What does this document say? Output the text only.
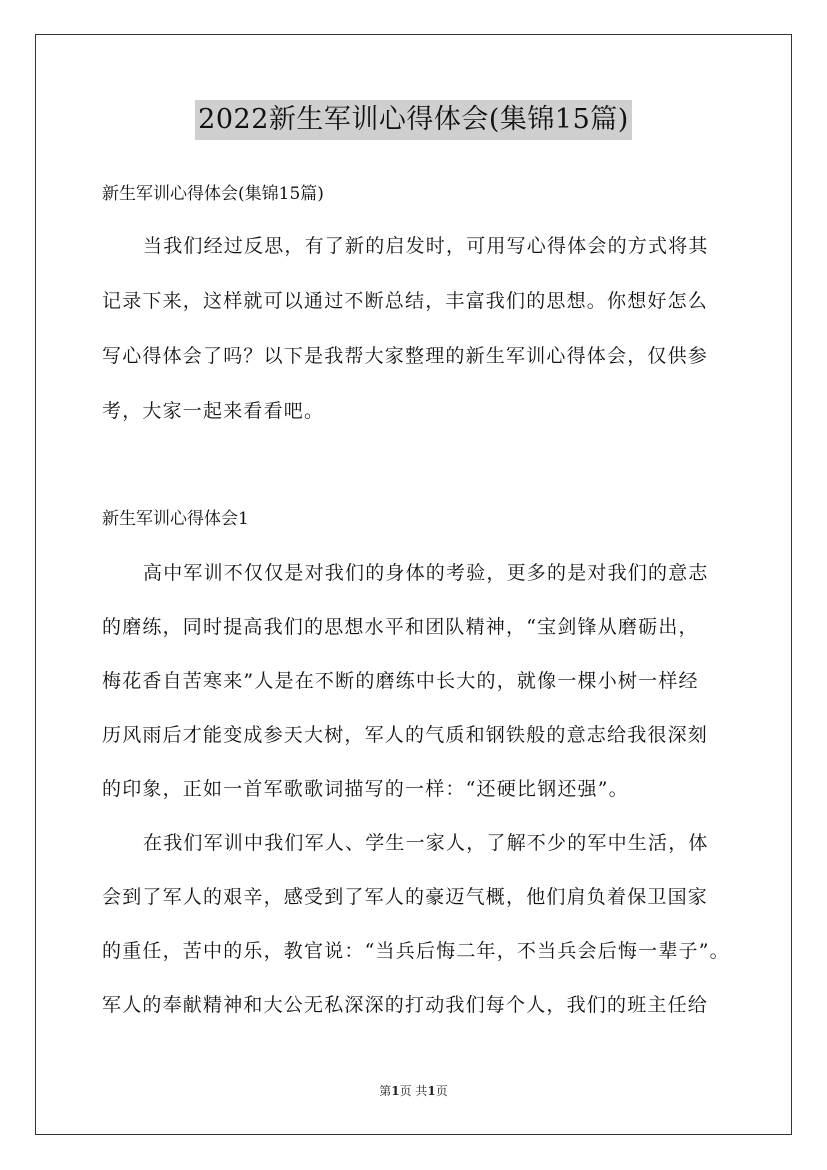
2022新生军训心得体会(集锦15篇)
新生军训心得体会(集锦15篇)
当我们经过反思，有了新的启发时，可用写心得体会的方式将其
记录下来，这样就可以通过不断总结，丰富我们的思想。你想好怎么
写心得体会了吗？以下是我帮大家整理的新生军训心得体会，仅供参
考，大家一起来看看吧。
新生军训心得体会1
高中军训不仅仅是对我们的身体的考验，更多的是对我们的意志
的磨练，同时提高我们的思想水平和团队精神，“宝剑锋从磨砺出，
梅花香自苦寒来”人是在不断的磨练中长大的，就像一棵小树一样经
历风雨后才能变成参天大树，军人的气质和钢铁般的意志给我很深刻
的印象，正如一首军歌歌词描写的一样：“还硬比钢还强”。
在我们军训中我们军人、学生一家人，了解不少的军中生活，体
会到了军人的艰辛，感受到了军人的豪迈气概，他们肩负着保卫国家
的重任，苦中的乐，教官说：“当兵后悔二年，不当兵会后悔一辈子”。
军人的奉献精神和大公无私深深的打动我们每个人，我们的班主任给
第1页 共1页
